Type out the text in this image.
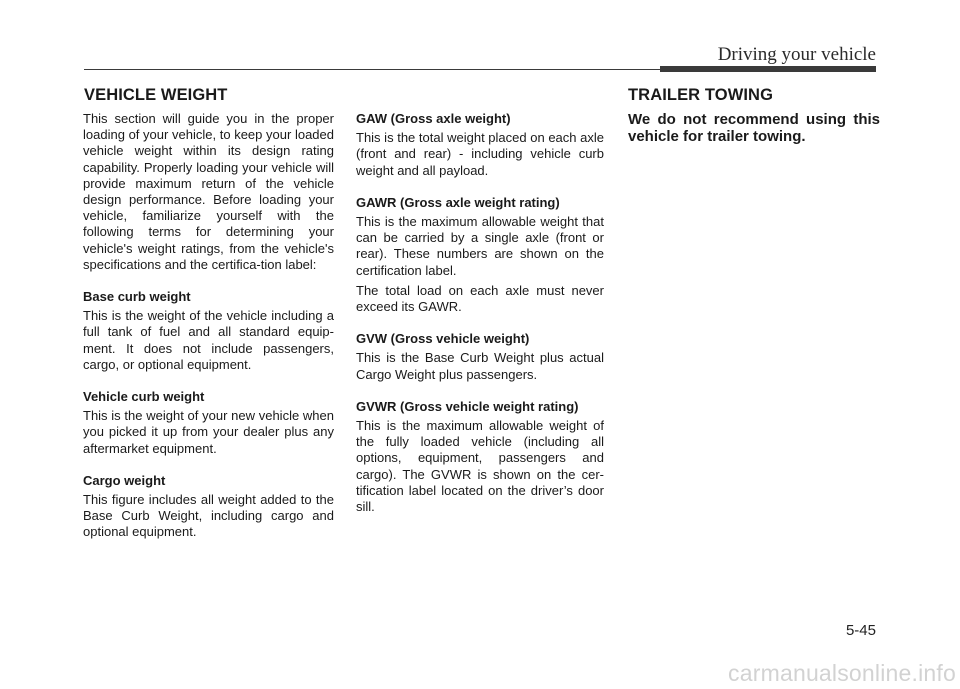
Driving your vehicle
VEHICLE WEIGHT	TRAILER TOWING

This section will guide you in the proper loading of your vehicle, to keep your loaded vehicle weight within its design rating capability. Properly loading your vehicle will provide maximum return of the vehicle design performance. Before loading your vehicle, familiarize yourself with the following terms for determining your vehicle's weight ratings, from the vehicle's specifications and the certifica-tion label:

Base curb weight

This is the weight of the vehicle including a full tank of fuel and all standard equip-ment. It does not include passengers, cargo, or optional equipment.

Vehicle curb weight

This is the weight of your new vehicle when you picked it up from your dealer plus any aftermarket equipment.

Cargo weight

This figure includes all weight added to the Base Curb Weight, including cargo and optional equipment.

GAW (Gross axle weight)

This is the total weight placed on each axle (front and rear) - including vehicle curb weight and all payload.

GAWR (Gross axle weight rating)

This is the maximum allowable weight that can be carried by a single axle (front or rear). These numbers are shown on the certification label.

The total load on each axle must never exceed its GAWR.

GVW (Gross vehicle weight)

This is the Base Curb Weight plus actual Cargo Weight plus passengers.

GVWR (Gross vehicle weight rating)

This is the maximum allowable weight of the fully loaded vehicle (including all options, equipment, passengers and cargo). The GVWR is shown on the cer-tification label located on the driver’s door sill.

We do not recommend using this vehicle for trailer towing.

5-45
carmanualsonline.info
